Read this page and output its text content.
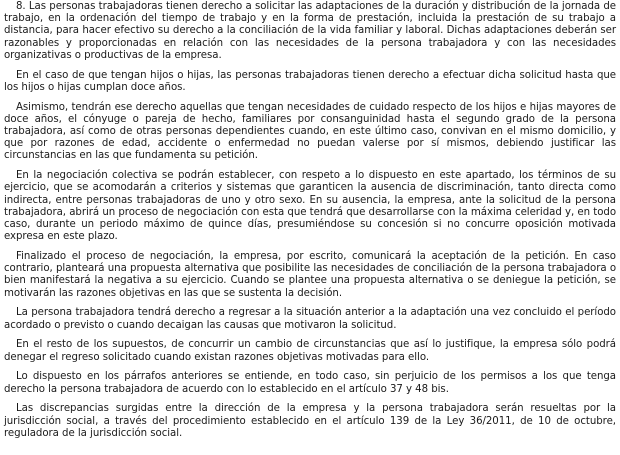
8. Las personas trabajadoras tienen derecho a solicitar las adaptaciones de la duración y distribución de la jornada de trabajo, en la ordenación del tiempo de trabajo y en la forma de prestación, incluida la prestación de su trabajo a distancia, para hacer efectivo su derecho a la conciliación de la vida familiar y laboral. Dichas adaptaciones deberán ser razonables y proporcionadas en relación con las necesidades de la persona trabajadora y con las necesidades organizativas o productivas de la empresa.

En el caso de que tengan hijos o hijas, las personas trabajadoras tienen derecho a efectuar dicha solicitud hasta que los hijos o hijas cumplan doce años.

Asimismo, tendrán ese derecho aquellas que tengan necesidades de cuidado respecto de los hijos e hijas mayores de doce años, el cónyuge o pareja de hecho, familiares por consanguinidad hasta el segundo grado de la persona trabajadora, así como de otras personas dependientes cuando, en este último caso, convivan en el mismo domicilio, y que por razones de edad, accidente o enfermedad no puedan valerse por sí mismos, debiendo justificar las circunstancias en las que fundamenta su petición.

En la negociación colectiva se podrán establecer, con respeto a lo dispuesto en este apartado, los términos de su ejercicio, que se acomodarán a criterios y sistemas que garanticen la ausencia de discriminación, tanto directa como indirecta, entre personas trabajadoras de uno y otro sexo. En su ausencia, la empresa, ante la solicitud de la persona trabajadora, abrirá un proceso de negociación con esta que tendrá que desarrollarse con la máxima celeridad y, en todo caso, durante un periodo máximo de quince días, presumiéndose su concesión si no concurre oposición motivada expresa en este plazo.

Finalizado el proceso de negociación, la empresa, por escrito, comunicará la aceptación de la petición. En caso contrario, planteará una propuesta alternativa que posibilite las necesidades de conciliación de la persona trabajadora o bien manifestará la negativa a su ejercicio. Cuando se plantee una propuesta alternativa o se deniegue la petición, se motivarán las razones objetivas en las que se sustenta la decisión.

La persona trabajadora tendrá derecho a regresar a la situación anterior a la adaptación una vez concluido el período acordado o previsto o cuando decaigan las causas que motivaron la solicitud.

En el resto de los supuestos, de concurrir un cambio de circunstancias que así lo justifique, la empresa sólo podrá denegar el regreso solicitado cuando existan razones objetivas motivadas para ello.

Lo dispuesto en los párrafos anteriores se entiende, en todo caso, sin perjuicio de los permisos a los que tenga derecho la persona trabajadora de acuerdo con lo establecido en el artículo 37 y 48 bis.

Las discrepancias surgidas entre la dirección de la empresa y la persona trabajadora serán resueltas por la jurisdicción social, a través del procedimiento establecido en el artículo 139 de la Ley 36/2011, de 10 de octubre, reguladora de la jurisdicción social.
